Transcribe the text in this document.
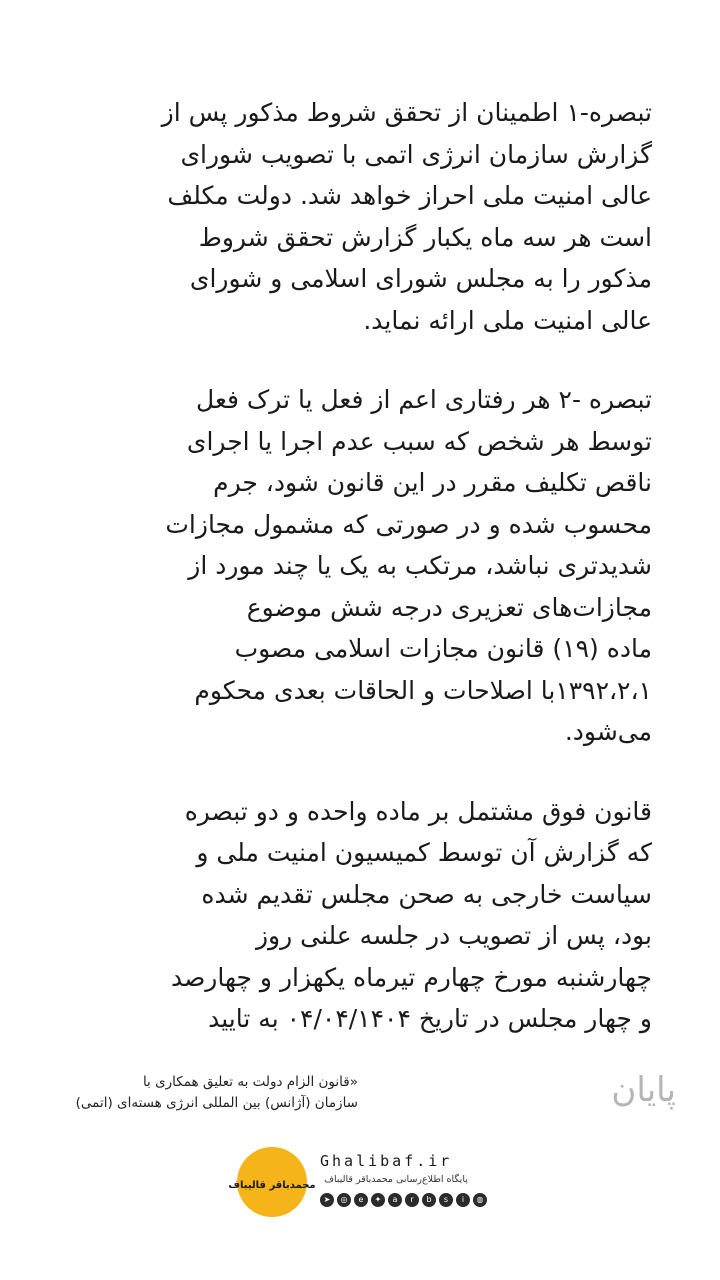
تبصره-۱ اطمینان از تحقق شروط مذکور پس از
گزارش سازمان انرژی اتمی با تصویب شورای
عالی امنیت ملی احراز خواهد شد. دولت مکلف
است هر سه ماه یکبار گزارش تحقق شروط
مذکور را به مجلس شورای اسلامی و شورای
عالی امنیت ملی ارائه نماید.

تبصره -۲ هر رفتاری اعم از فعل یا ترک فعل
توسط هر شخص که سبب عدم اجرا یا اجرای
ناقص تکلیف مقرر در این قانون شود، جرم
محسوب شده و در صورتی که مشمول مجازات
شدیدتری نباشد، مرتکب به یک یا چند مورد از
مجازات‌های تعزیری درجه شش موضوع
ماده (۱۹) قانون مجازات اسلامی مصوب
۱۳۹۲،۲،۱با اصلاحات و الحاقات بعدی محکوم
می‌شود.

قانون فوق مشتمل بر ماده واحده و دو تبصره
که گزارش آن توسط کمیسیون امنیت ملی و
سیاست خارجی به صحن مجلس تقدیم شده
بود، پس از تصویب در جلسه علنی روز
چهارشنبه مورخ چهارم تیرماه یکهزار و چهارصد
و چهار مجلس در تاریخ ۰۴/۰۴/۱۴۰۴ به تایید

«قانون الزام دولت به تعلیق همکاری با
سازمان (آژانس) بین المللی انرژی هسته‌ای (اتمی)	پایان
محمدباقر قالیباف
Ghalibaf.ir
پایگاه اطلاع‌رسانی محمدباقر قالیباف
➤	◎	e	✦	a	r	b	s	i	◍
